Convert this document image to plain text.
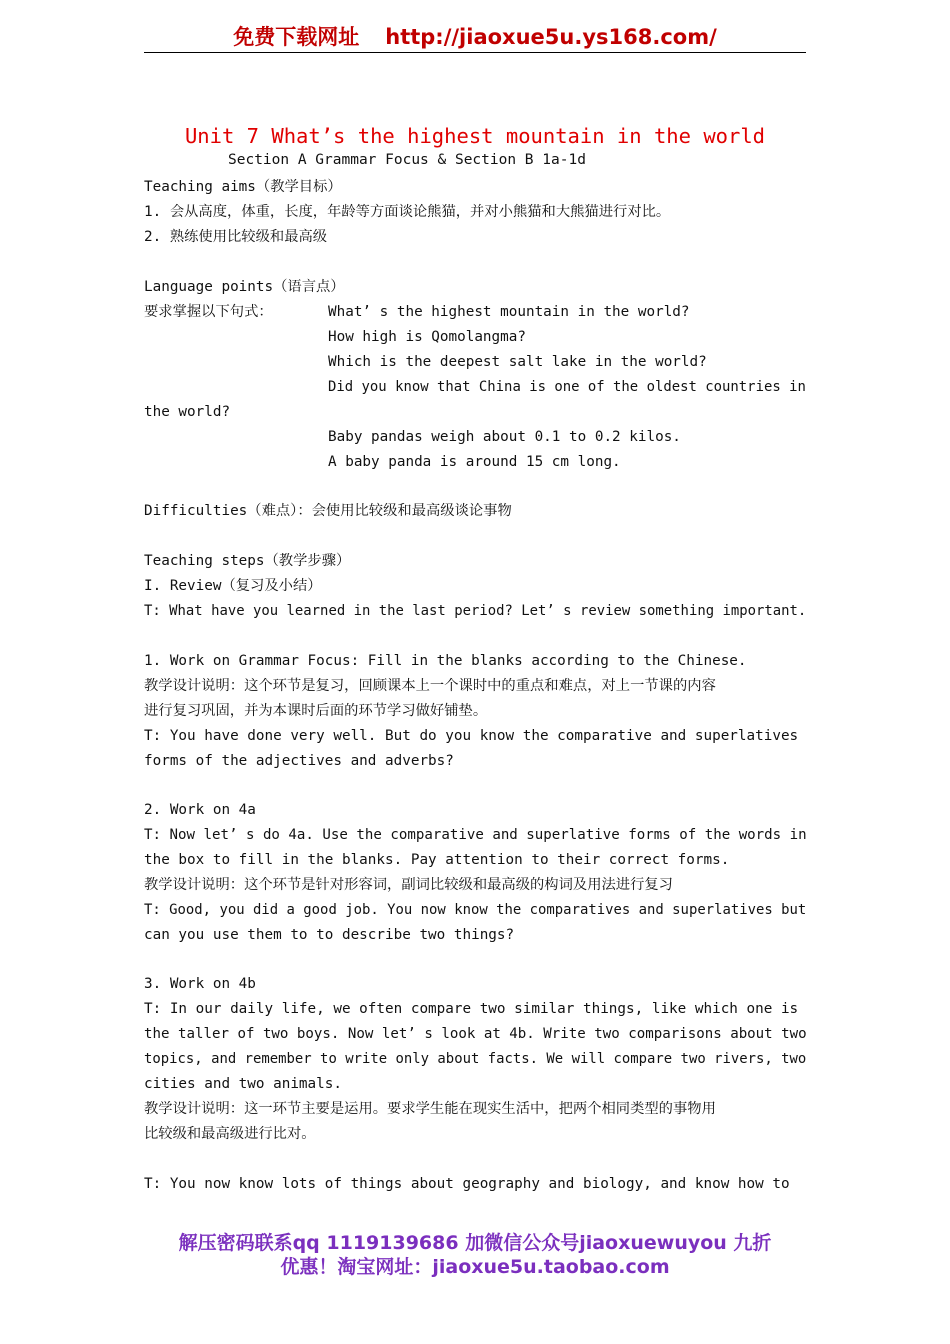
免费下载网址 http://jiaoxue5u.ys168.com/
Unit 7 What’s the highest mountain in the world
Section A Grammar Focus & Section B 1a-1d
Teaching aims（教学目标）
1. 会从高度，体重，长度，年龄等方面谈论熊猫，并对小熊猫和大熊猫进行对比。
2. 熟练使用比较级和最高级
Language points（语言点）
要求掌握以下句式：	What’ s the highest mountain in the world?
How high is Qomolangma?
Which is the deepest salt lake in the world?
Did you know that China is one of the oldest countries in
the world?
Baby pandas weigh about 0.1 to 0.2 kilos.
A baby panda is around 15 cm long.
Difficulties（难点）：会使用比较级和最高级谈论事物
Teaching steps（教学步骤）
I. Review（复习及小结）
T: What have you learned in the last period? Let’ s review something important.
1. Work on Grammar Focus: Fill in the blanks according to the Chinese.
教学设计说明：这个环节是复习，回顾课本上一个课时中的重点和难点，对上一节课的内容
进行复习巩固，并为本课时后面的环节学习做好铺垫。
T: You have done very well. But do you know the comparative and superlatives
forms of the adjectives and adverbs?
2. Work on 4a
T: Now let’ s do 4a. Use the comparative and superlative forms of the words in
the box to fill in the blanks. Pay attention to their correct forms.
教学设计说明：这个环节是针对形容词，副词比较级和最高级的构词及用法进行复习
T: Good, you did a good job. You now know the comparatives and superlatives but
can you use them to to describe two things?
3. Work on 4b
T: In our daily life, we often compare two similar things, like which one is
the taller of two boys. Now let’ s look at 4b. Write two comparisons about two
topics, and remember to write only about facts. We will compare two rivers, two
cities and two animals.
教学设计说明：这一环节主要是运用。要求学生能在现实生活中，把两个相同类型的事物用
比较级和最高级进行比对。
T: You now know lots of things about geography and biology, and know how to
解压密码联系qq 1119139686 加微信公众号jiaoxuewuyou 九折
优惠！淘宝网址：jiaoxue5u.taobao.com
